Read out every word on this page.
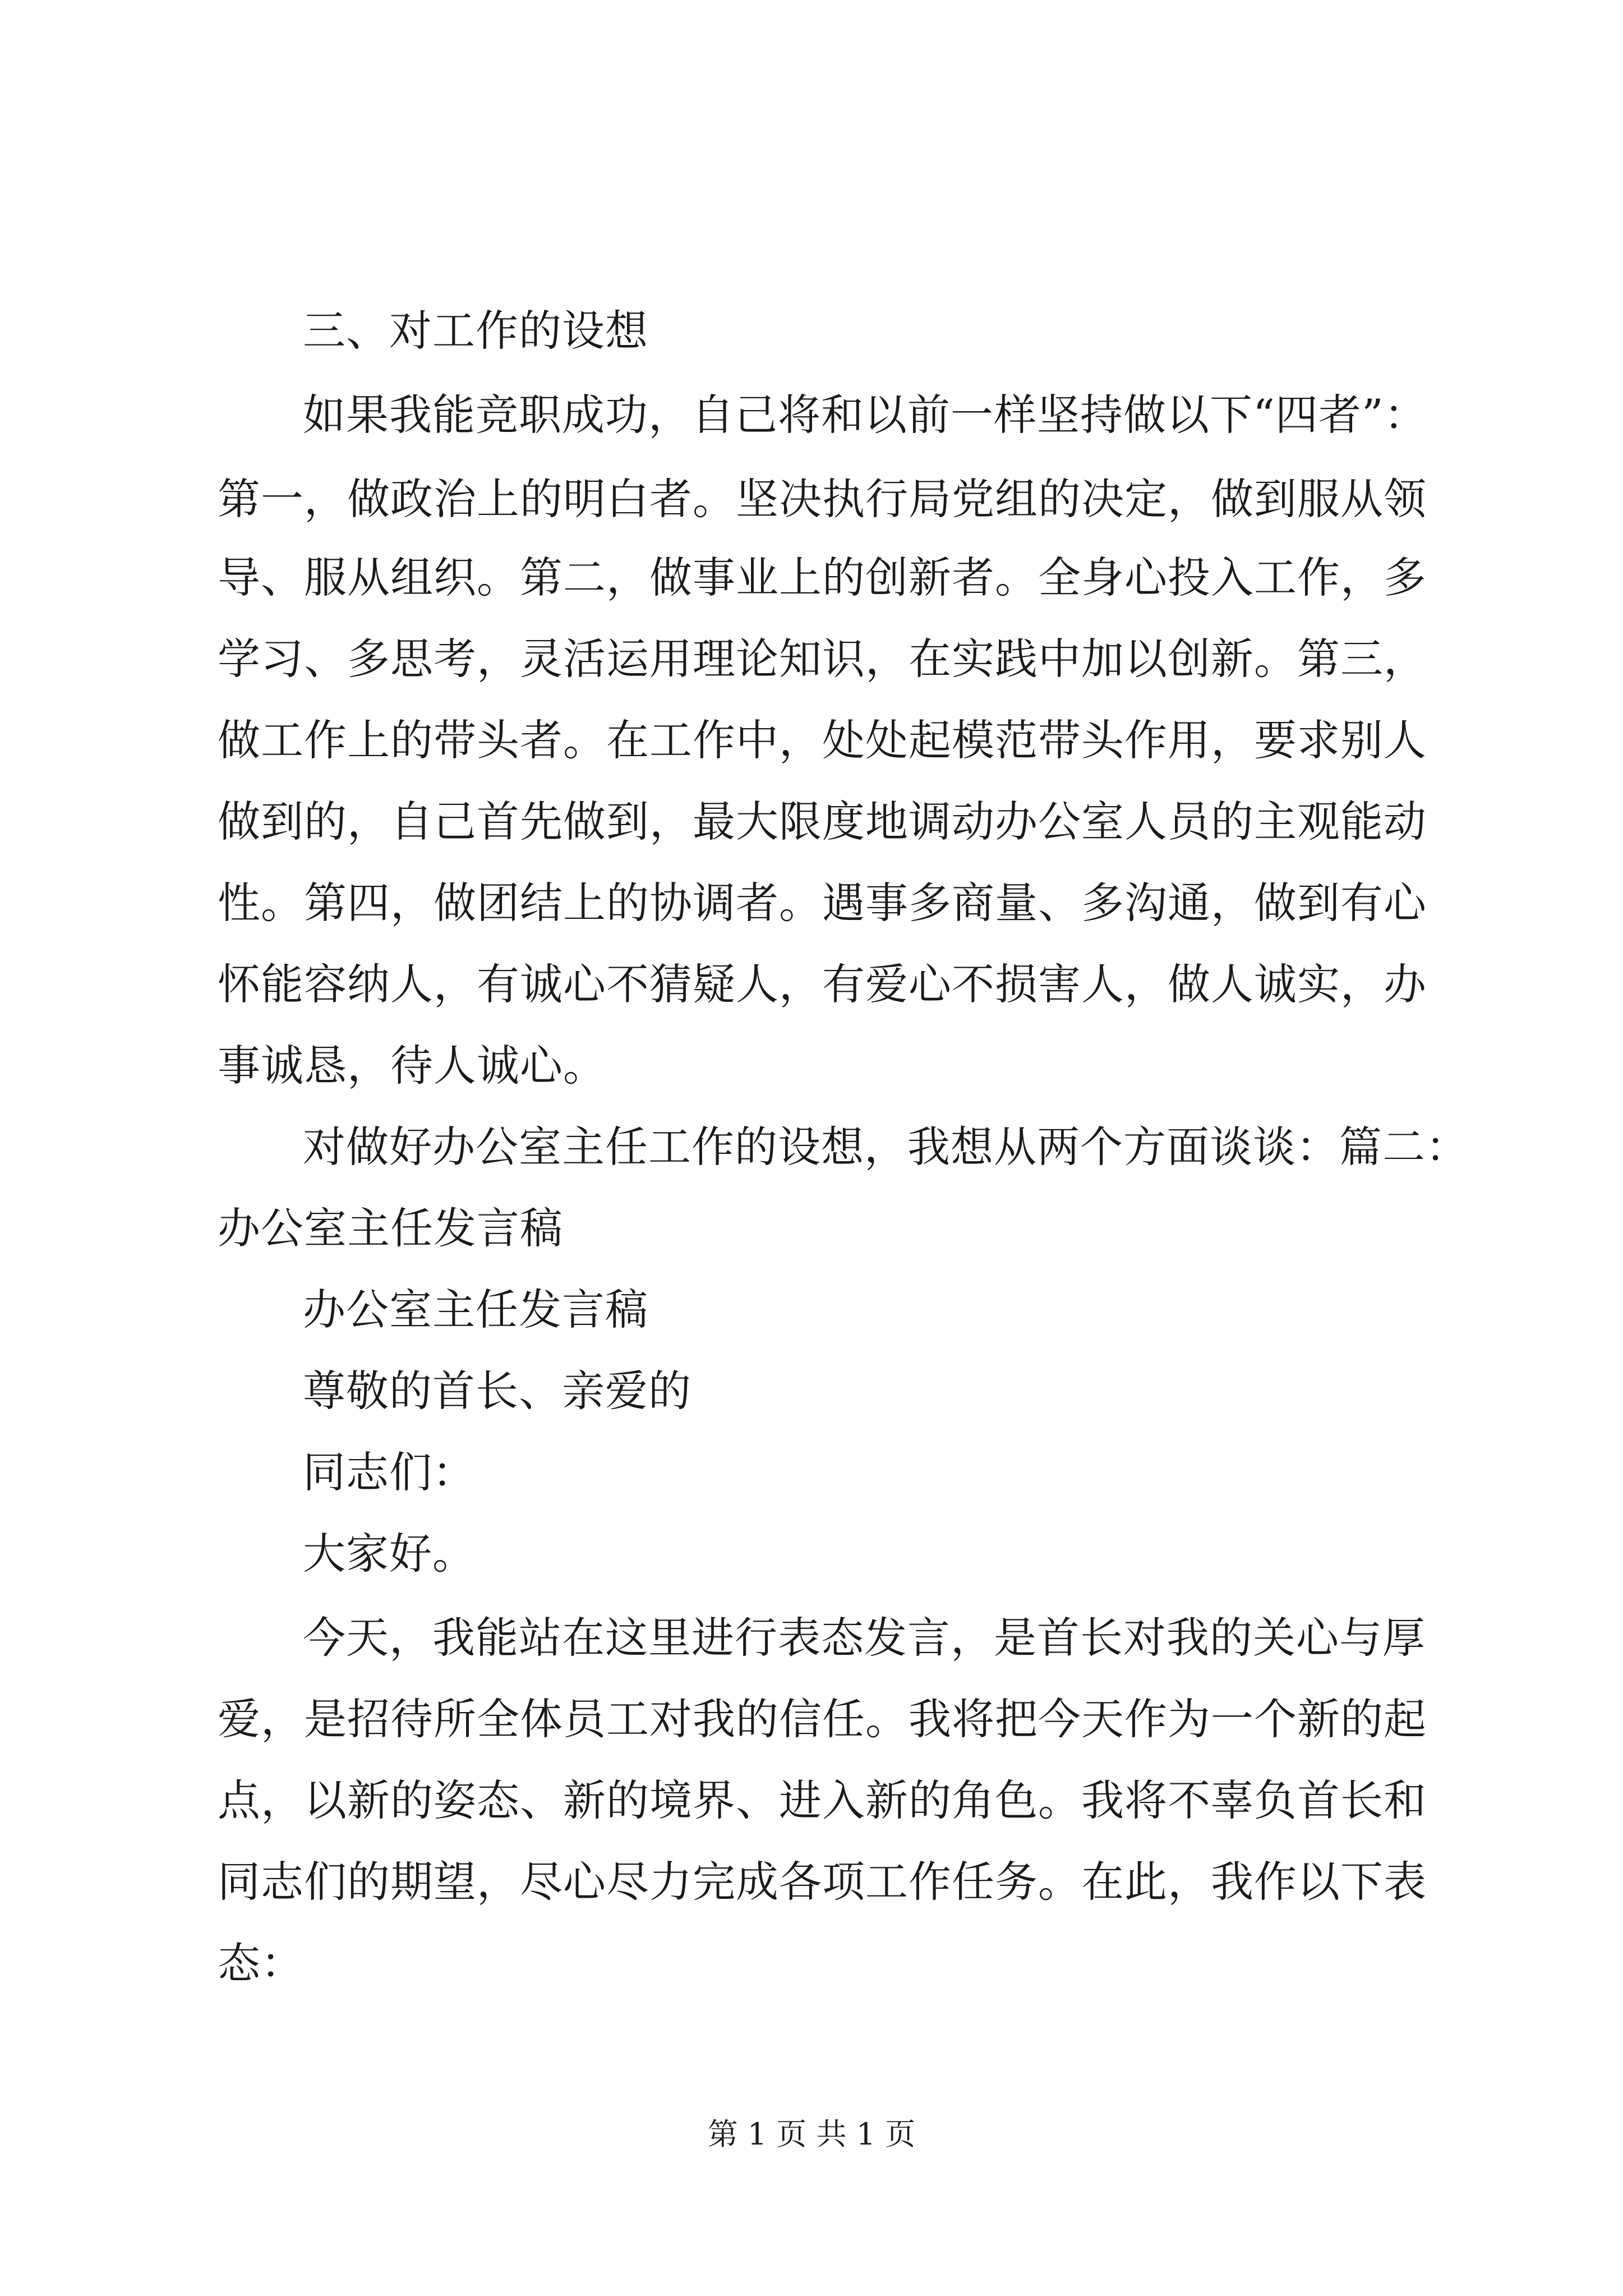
三、对工作的设想
如果我能竞职成功，自己将和以前一样坚持做以下“四者”：
第一，做政治上的明白者。坚决执行局党组的决定，做到服从领
导、服从组织。第二，做事业上的创新者。全身心投入工作，多
学习、多思考，灵活运用理论知识，在实践中加以创新。第三，
做工作上的带头者。在工作中，处处起模范带头作用，要求别人
做到的，自己首先做到，最大限度地调动办公室人员的主观能动
性。第四，做团结上的协调者。遇事多商量、多沟通，做到有心
怀能容纳人，有诚心不猜疑人，有爱心不损害人，做人诚实，办
事诚恳，待人诚心。
对做好办公室主任工作的设想，我想从两个方面谈谈：篇二：
办公室主任发言稿
办公室主任发言稿
尊敬的首长、亲爱的
同志们：
大家好。
今天，我能站在这里进行表态发言，是首长对我的关心与厚
爱，是招待所全体员工对我的信任。我将把今天作为一个新的起
点，以新的姿态、新的境界、进入新的角色。我将不辜负首长和
同志们的期望，尽心尽力完成各项工作任务。在此，我作以下表
态：
第 1 页 共 1 页
